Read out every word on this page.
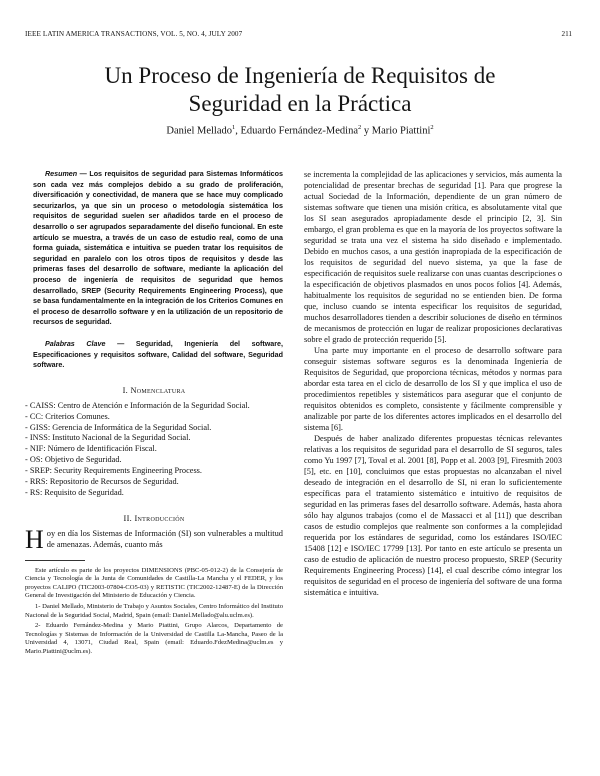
IEEE LATIN AMERICA TRANSACTIONS, VOL. 5, NO. 4, JULY 2007	211
Un Proceso de Ingeniería de Requisitos de
Seguridad en la Práctica
Daniel Mellado$^1$, Eduardo Fernández-Medina$^2$ y Mario Piattini$^2$

Resumen — Los requisitos de seguridad para Sistemas Informáticos son cada vez más complejos debido a su grado de proliferación, diversificación y conectividad, de manera que se hace muy complicado securizarlos, ya que sin un proceso o metodología sistemática los requisitos de seguridad suelen ser añadidos tarde en el proceso de desarrollo o ser agrupados separadamente del diseño funcional. En este artículo se muestra, a través de un caso de estudio real, como de una forma guiada, sistemática e intuitiva se pueden tratar los requisitos de seguridad en paralelo con los otros tipos de requisitos y desde las primeras fases del desarrollo de software, mediante la aplicación del proceso de ingeniería de requisitos de seguridad que hemos desarrollado, SREP (Security Requirements Engineering Process), que se basa fundamentalmente en la integración de los Criterios Comunes en el proceso de desarrollo software y en la utilización de un repositorio de recursos de seguridad.

Palabras Clave — Seguridad, Ingeniería del software, Especificaciones y requisitos software, Calidad del software, Seguridad software.

I. Nomenclatura
- CAISS: Centro de Atención e Información de la Seguridad Social.
- CC: Criterios Comunes.
- GISS: Gerencia de Informática de la Seguridad Social.
- INSS: Instituto Nacional de la Seguridad Social.
- NIF: Número de Identificación Fiscal.
- OS: Objetivo de Seguridad.
- SREP: Security Requirements Engineering Process.
- RRS: Repositorio de Recursos de Seguridad.
- RS: Requisito de Seguridad.
II. Introducción

Hoy en día los Sistemas de Información (SI) son vulnerables a multitud de amenazas. Además, cuanto más

Este artículo es parte de los proyectos DIMENSIONS (PBC-05-012-2) de la Consejería de Ciencia y Tecnología de la Junta de Comunidades de Castilla-La Mancha y el FEDER, y los proyectos CALIPO (TIC2003-07804-CO5-03) y RETISTIC (TIC2002-12487-E) de la Dirección General de Investigación del Ministerio de Educación y Ciencia.

1- Daniel Mellado, Ministerio de Trabajo y Asuntos Sociales, Centro Informático del Instituto Nacional de la Seguridad Social, Madrid, Spain (email: Daniel.Mellado@alu.uclm.es).

2- Eduardo Fernández-Medina y Mario Piattini, Grupo Alarcos, Departamento de Tecnologías y Sistemas de Información de la Universidad de Castilla La-Mancha, Paseo de la Universidad 4, 13071, Ciudad Real, Spain (email: Eduardo.FdezMedina@uclm.es y Mario.Piattini@uclm.es).

se incrementa la complejidad de las aplicaciones y servicios, más aumenta la potencialidad de presentar brechas de seguridad [1]. Para que progrese la actual Sociedad de la Información, dependiente de un gran número de sistemas software que tienen una misión crítica, es absolutamente vital que los SI sean asegurados apropiadamente desde el principio [2, 3]. Sin embargo, el gran problema es que en la mayoría de los proyectos software la seguridad se trata una vez el sistema ha sido diseñado e implementado. Debido en muchos casos, a una gestión inapropiada de la especificación de los requisitos de seguridad del nuevo sistema, ya que la fase de especificación de requisitos suele realizarse con unas cuantas descripciones o la especificación de objetivos plasmados en unos pocos folios [4]. Además, habitualmente los requisitos de seguridad no se entienden bien. De forma que, incluso cuando se intenta especificar los requisitos de seguridad, muchos desarrolladores tienden a describir soluciones de diseño en términos de mecanismos de protección en lugar de realizar proposiciones declarativas sobre el grado de protección requerido [5].

Una parte muy importante en el proceso de desarrollo software para conseguir sistemas software seguros es la denominada Ingeniería de Requisitos de Seguridad, que proporciona técnicas, métodos y normas para abordar esta tarea en el ciclo de desarrollo de los SI y que implica el uso de procedimientos repetibles y sistemáticos para asegurar que el conjunto de requisitos obtenidos es completo, consistente y fácilmente comprensible y analizable por parte de los diferentes actores implicados en el desarrollo del sistema [6].

Después de haber analizado diferentes propuestas técnicas relevantes relativas a los requisitos de seguridad para el desarrollo de SI seguros, tales como Yu 1997 [7], Toval et al. 2001 [8], Popp et al. 2003 [9], Firesmith 2003 [5], etc. en [10], concluimos que estas propuestas no alcanzaban el nivel deseado de integración en el desarrollo de SI, ni eran lo suficientemente específicas para el tratamiento sistemático e intuitivo de requisitos de seguridad en las primeras fases del desarrollo software. Además, hasta ahora sólo hay algunos trabajos (como el de Massacci et al [11]) que describan casos de estudio complejos que realmente son conformes a la complejidad requerida por los estándares de seguridad, como los estándares ISO/IEC 15408 [12] e ISO/IEC 17799 [13]. Por tanto en este artículo se presenta un caso de estudio de aplicación de nuestro proceso propuesto, SREP (Security Requirements Engineering Process) [14], el cual describe cómo integrar los requisitos de seguridad en el proceso de ingeniería del software de una forma sistemática e intuitiva.
